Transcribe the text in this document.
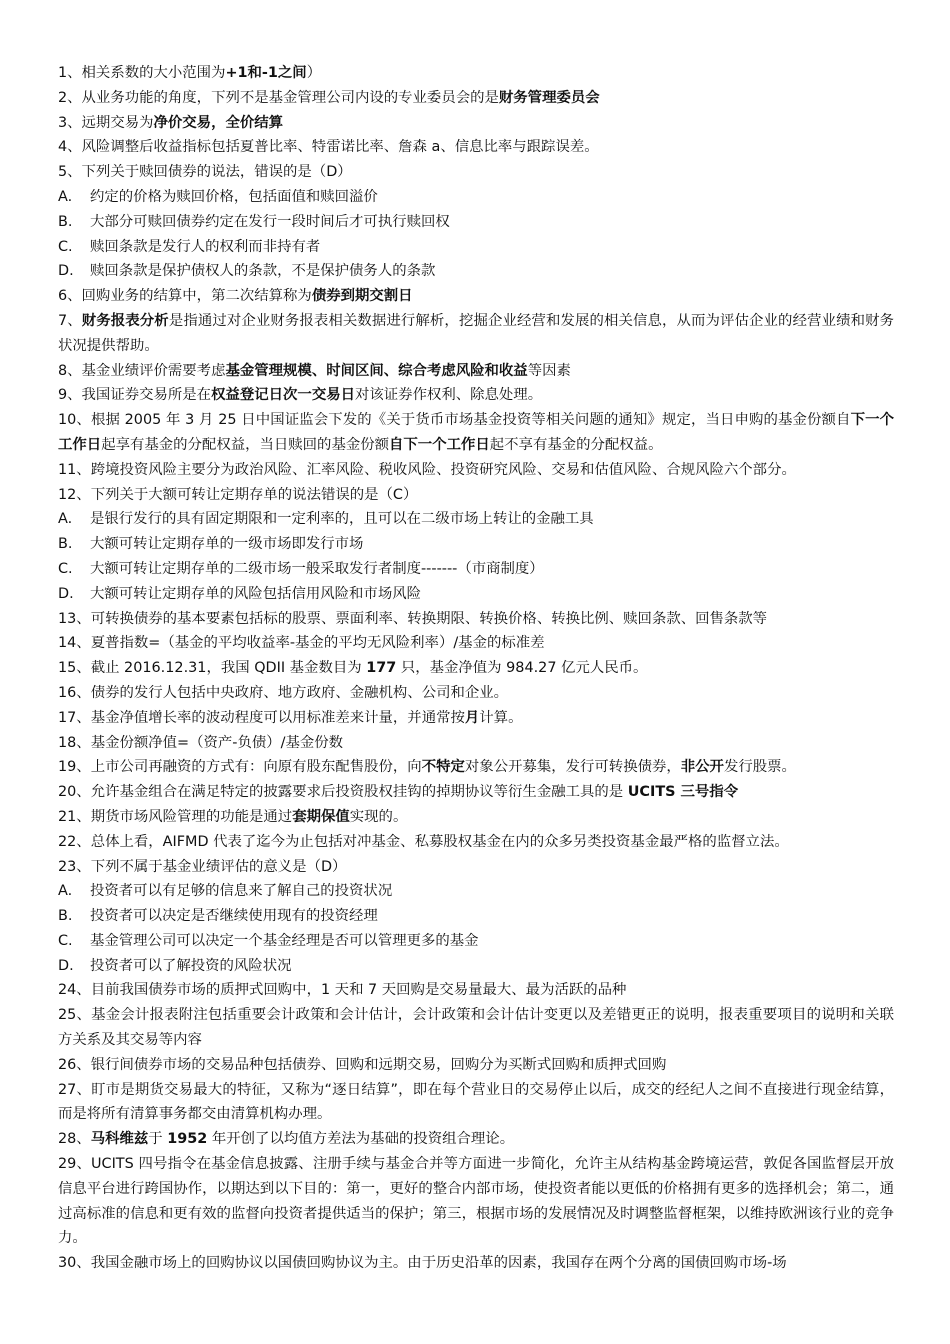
1、相关系数的大小范围为+1和-1之间）
2、从业务功能的角度，下列不是基金管理公司内设的专业委员会的是财务管理委员会
3、远期交易为净价交易，全价结算
4、风险调整后收益指标包括夏普比率、特雷诺比率、詹森 a、信息比率与跟踪误差。
5、下列关于赎回债券的说法，错误的是（D）
A. 约定的价格为赎回价格，包括面值和赎回溢价
B. 大部分可赎回债券约定在发行一段时间后才可执行赎回权
C. 赎回条款是发行人的权利而非持有者
D. 赎回条款是保护债权人的条款，不是保护债务人的条款
6、回购业务的结算中，第二次结算称为债券到期交割日
7、财务报表分析是指通过对企业财务报表相关数据进行解析，挖掘企业经营和发展的相关信息，从而为评估企业的经营业绩和财务状况提供帮助。
8、基金业绩评价需要考虑基金管理规模、时间区间、综合考虑风险和收益等因素
9、我国证券交易所是在权益登记日次一交易日对该证券作权利、除息处理。
10、根据 2005 年 3 月 25 日中国证监会下发的《关于货币市场基金投资等相关问题的通知》规定，当日申购的基金份额自下一个工作日起享有基金的分配权益，当日赎回的基金份额自下一个工作日起不享有基金的分配权益。
11、跨境投资风险主要分为政治风险、汇率风险、税收风险、投资研究风险、交易和估值风险、合规风险六个部分。
12、下列关于大额可转让定期存单的说法错误的是（C）
A. 是银行发行的具有固定期限和一定利率的，且可以在二级市场上转让的金融工具
B. 大额可转让定期存单的一级市场即发行市场
C. 大额可转让定期存单的二级市场一般采取发行者制度-------（市商制度）
D. 大额可转让定期存单的风险包括信用风险和市场风险
13、可转换债券的基本要素包括标的股票、票面利率、转换期限、转换价格、转换比例、赎回条款、回售条款等
14、夏普指数=（基金的平均收益率-基金的平均无风险利率）/基金的标准差
15、截止 2016.12.31，我国 QDII 基金数目为 177 只，基金净值为 984.27 亿元人民币。
16、债券的发行人包括中央政府、地方政府、金融机构、公司和企业。
17、基金净值增长率的波动程度可以用标准差来计量，并通常按月计算。
18、基金份额净值=（资产-负债）/基金份数
19、上市公司再融资的方式有：向原有股东配售股份，向不特定对象公开募集，发行可转换债券，非公开发行股票。
20、允许基金组合在满足特定的披露要求后投资股权挂钩的掉期协议等衍生金融工具的是 UCITS 三号指令
21、期货市场风险管理的功能是通过套期保值实现的。
22、总体上看，AIFMD 代表了迄今为止包括对冲基金、私募股权基金在内的众多另类投资基金最严格的监督立法。
23、下列不属于基金业绩评估的意义是（D）
A. 投资者可以有足够的信息来了解自己的投资状况
B. 投资者可以决定是否继续使用现有的投资经理
C. 基金管理公司可以决定一个基金经理是否可以管理更多的基金
D. 投资者可以了解投资的风险状况
24、目前我国债券市场的质押式回购中，1 天和 7 天回购是交易量最大、最为活跃的品种
25、基金会计报表附注包括重要会计政策和会计估计，会计政策和会计估计变更以及差错更正的说明，报表重要项目的说明和关联方关系及其交易等内容
26、银行间债券市场的交易品种包括债券、回购和远期交易，回购分为买断式回购和质押式回购
27、盯市是期货交易最大的特征，又称为“逐日结算”，即在每个营业日的交易停止以后，成交的经纪人之间不直接进行现金结算，而是将所有清算事务都交由清算机构办理。
28、马科维兹于 1952 年开创了以均值方差法为基础的投资组合理论。
29、UCITS 四号指令在基金信息披露、注册手续与基金合并等方面进一步简化，允许主从结构基金跨境运营，敦促各国监督层开放信息平台进行跨国协作，以期达到以下目的：第一，更好的整合内部市场，使投资者能以更低的价格拥有更多的选择机会；第二，通过高标准的信息和更有效的监督向投资者提供适当的保护；第三，根据市场的发展情况及时调整监督框架，以维持欧洲该行业的竞争力。
30、我国金融市场上的回购协议以国债回购协议为主。由于历史沿革的因素，我国存在两个分离的国债回购市场-场
